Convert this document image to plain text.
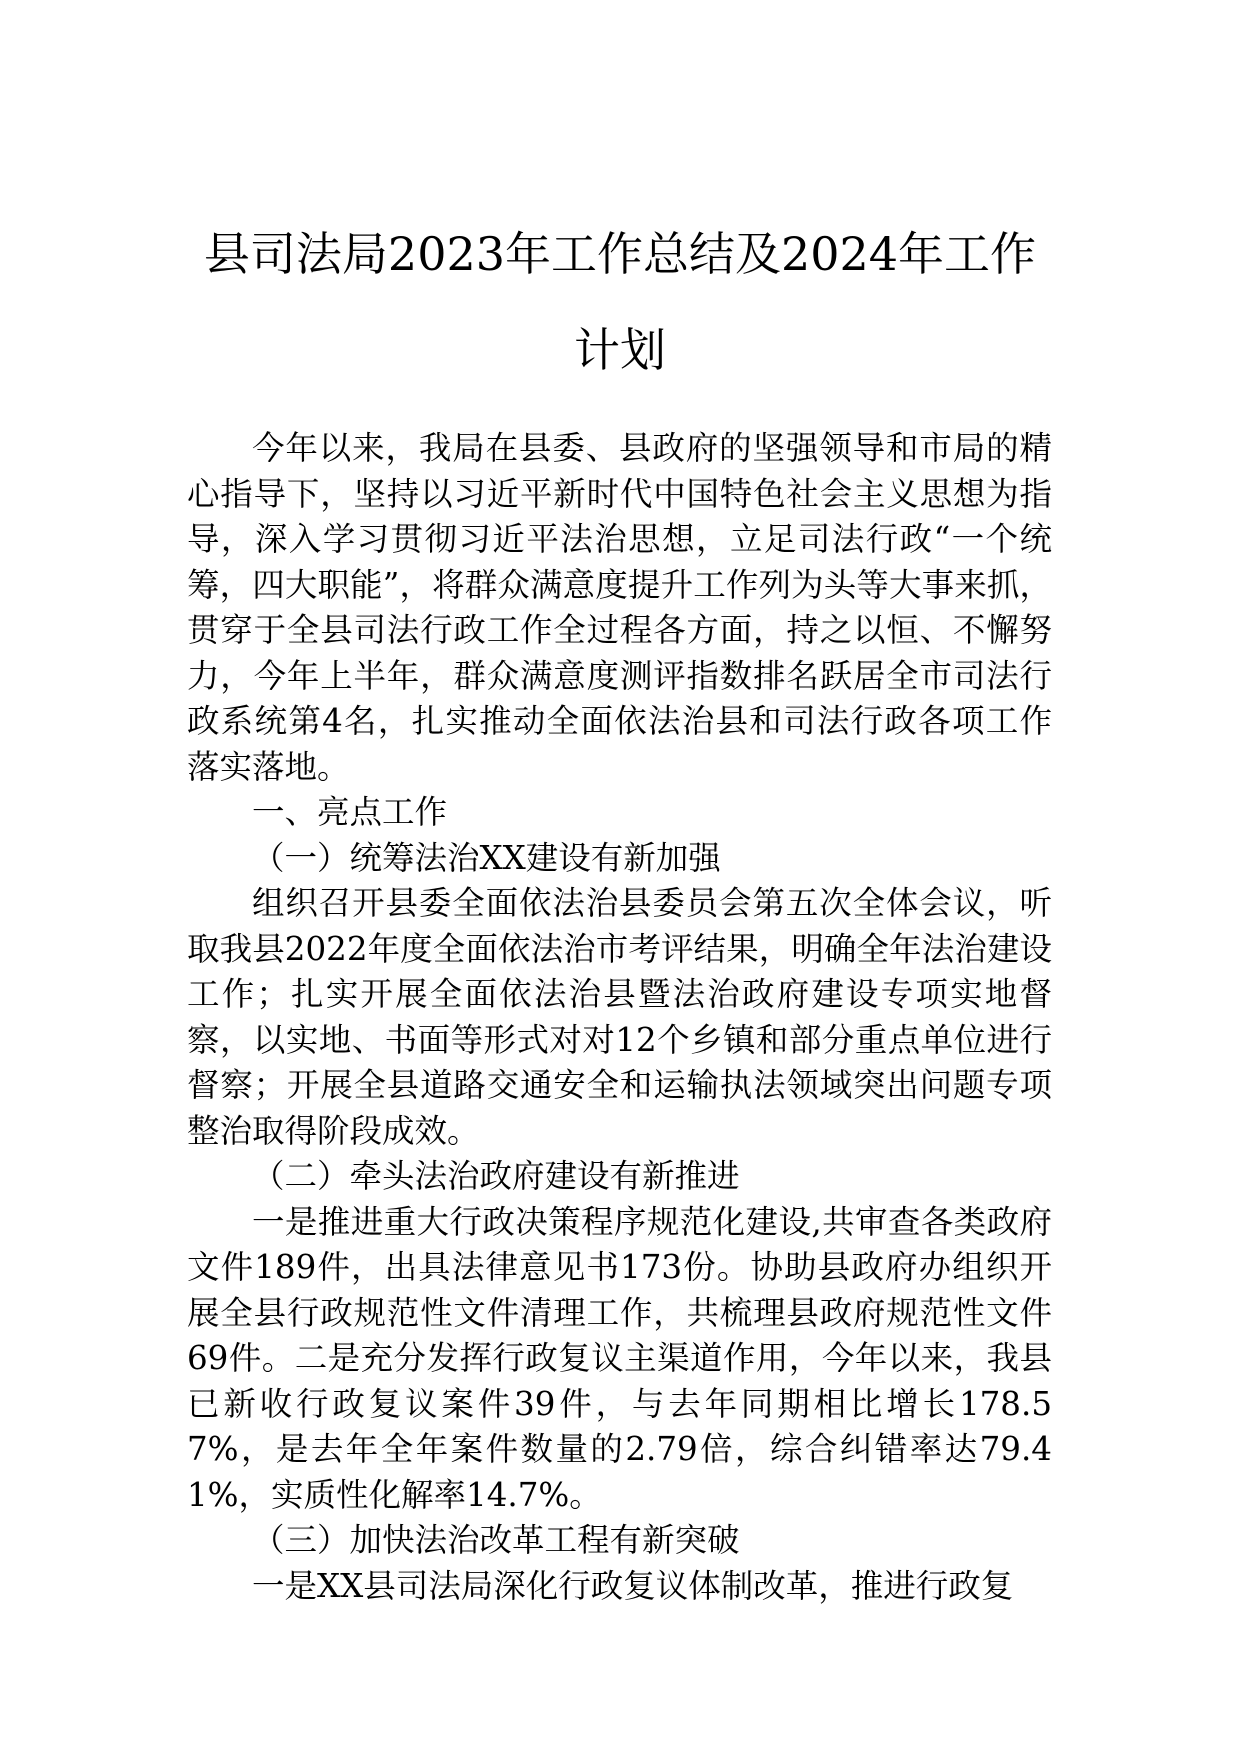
县司法局2023年工作总结及2024年工作计划

今年以来，我局在县委、县政府的坚强领导和市局的精心指导下，坚持以习近平新时代中国特色社会主义思想为指导，深入学习贯彻习近平法治思想，立足司法行政“一个统筹，四大职能”，将群众满意度提升工作列为头等大事来抓，贯穿于全县司法行政工作全过程各方面，持之以恒、不懈努力，今年上半年，群众满意度测评指数排名跃居全市司法行政系统第4名，扎实推动全面依法治县和司法行政各项工作落实落地。

一、亮点工作

（一）统筹法治XX建设有新加强

组织召开县委全面依法治县委员会第五次全体会议，听取我县2022年度全面依法治市考评结果，明确全年法治建设工作；扎实开展全面依法治县暨法治政府建设专项实地督察，以实地、书面等形式对对12个乡镇和部分重点单位进行督察；开展全县道路交通安全和运输执法领域突出问题专项整治取得阶段成效。

（二）牵头法治政府建设有新推进

一是推进重大行政决策程序规范化建设,共审查各类政府文件189件，出具法律意见书173份。协助县政府办组织开展全县行政规范性文件清理工作，共梳理县政府规范性文件69件。二是充分发挥行政复议主渠道作用，今年以来，我县已新收行政复议案件39件，与去年同期相比增长178.57%，是去年全年案件数量的2.79倍，综合纠错率达79.41%，实质性化解率14.7%。

（三）加快法治改革工程有新突破

一是XX县司法局深化行政复议体制改革，推进行政复
